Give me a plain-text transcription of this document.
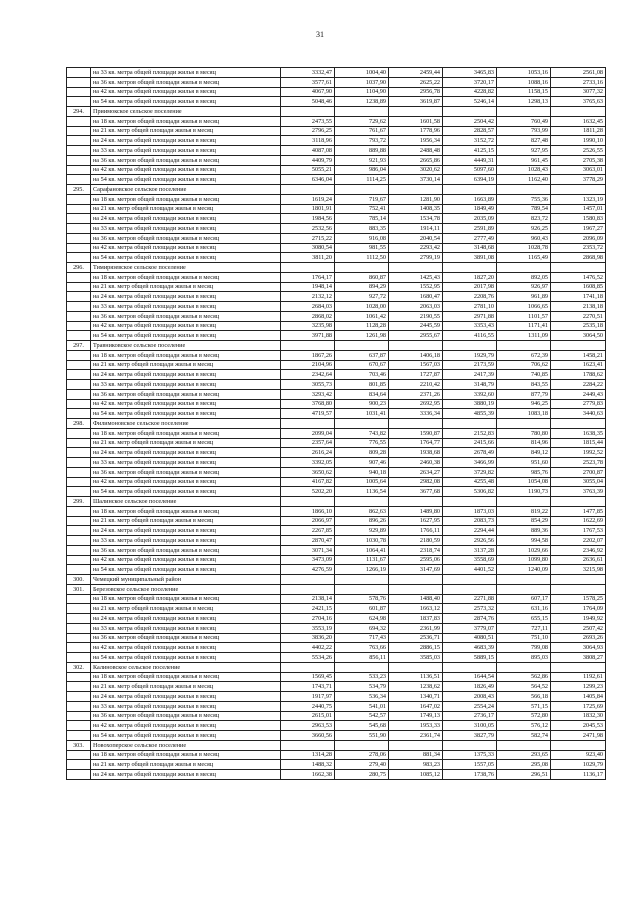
31
	на 33 кв. метра общей площади жилья в месяц	3332,47	1004,40	2459,44	3465,83	1053,16	2561,08
	на 36 кв. метров общей площади жилья в месяц	3577,61	1037,90	2625,22	3720,17	1088,16	2733,16
	на 42 кв. метра общей площади жилья в месяц	4067,90	1104,90	2956,78	4228,82	1158,15	3077,32
	на 54 кв. метра общей площади жилья в месяц	5048,46	1238,89	3619,87	5246,14	1298,13	3765,63
294.	Приимокское сельское поселение						
	на 18 кв. метров общей площади жилья в месяц	2473,55	729,62	1601,58	2504,42	760,49	1632,45
	на 21 кв. метр общей площади жилья в месяц	2796,25	761,67	1778,96	2828,57	793,99	1811,28
	на 24 кв. метра общей площади жилья в месяц	3118,96	793,72	1956,34	3152,72	827,48	1990,10
	на 33 кв. метра общей площади жилья в месяц	4087,08	889,88	2488,48	4125,15	927,95	2526,55
	на 36 кв. метров общей площади жилья в месяц	4409,79	921,93	2665,86	4449,31	961,45	2705,38
	на 42 кв. метра общей площади жилья в месяц	5055,21	986,04	3020,62	5097,60	1028,43	3063,01
	на 54 кв. метра общей площади жилья в месяц	6346,04	1114,25	3730,14	6394,19	1162,40	3778,29
295.	Сарафановское сельское поселение						
	на 18 кв. метров общей площади жилья в месяц	1619,24	719,67	1281,90	1663,89	755,36	1323,19
	на 21 кв. метр общей площади жилья в месяц	1801,91	752,41	1408,35	1849,49	789,54	1457,01
	на 24 кв. метра общей площади жилья в месяц	1984,56	785,14	1534,78	2035,09	823,72	1580,83
	на 33 кв. метра общей площади жилья в месяц	2532,56	883,35	1914,11	2591,89	926,25	1967,27
	на 36 кв. метров общей площади жилья в месяц	2715,22	916,08	2040,54	2777,49	960,43	2096,09
	на 42 кв. метра общей площади жилья в месяц	3080,54	981,55	2293,42	3148,68	1028,78	2353,72
	на 54 кв. метра общей площади жилья в месяц	3811,20	1112,50	2799,19	3891,08	1165,49	2868,98
296.	Тимирязевское сельское поселение						
	на 18 кв. метров общей площади жилья в месяц	1764,17	860,87	1425,43	1827,20	892,05	1476,52
	на 21 кв. метр общей площади жилья в месяц	1948,14	894,29	1552,95	2017,98	926,97	1608,85
	на 24 кв. метра общей площади жилья в месяц	2132,12	927,72	1680,47	2208,76	961,89	1741,18
	на 33 кв. метра общей площади жилья в месяц	2684,03	1028,00	2063,03	2781,10	1066,65	2138,18
	на 36 кв. метров общей площади жилья в месяц	2868,02	1061,42	2190,55	2971,88	1101,57	2270,51
	на 42 кв. метра общей площади жилья в месяц	3235,98	1128,28	2445,59	3353,43	1171,41	2535,18
	на 54 кв. метра общей площади жилья в месяц	3971,88	1261,98	2955,67	4116,55	1311,09	3064,50
297.	Травниковское сельское поселение						
	на 18 кв. метров общей площади жилья в месяц	1867,26	637,87	1406,18	1929,79	672,39	1458,21
	на 21 кв. метр общей площади жилья в месяц	2104,96	670,67	1567,03	2173,59	706,62	1623,41
	на 24 кв. метра общей площади жилья в месяц	2342,64	703,46	1727,87	2417,39	740,85	1788,62
	на 33 кв. метра общей площади жилья в месяц	3055,73	801,85	2210,42	3148,79	843,55	2284,22
	на 36 кв. метров общей площади жилья в месяц	3293,42	834,64	2371,26	3392,60	877,79	2449,43
	на 42 кв. метра общей площади жилья в месяц	3768,80	900,23	2692,95	3880,19	946,25	2779,83
	на 54 кв. метра общей площади жилья в месяц	4719,57	1031,41	3336,34	4855,39	1083,18	3440,63
298.	Филимоновское сельское поселение						
	на 18 кв. метров общей площади жилья в месяц	2099,04	743,82	1590,87	2152,83	780,80	1638,35
	на 21 кв. метр общей площади жилья в месяц	2357,64	776,55	1764,77	2415,66	814,96	1815,44
	на 24 кв. метра общей площади жилья в месяц	2616,24	809,28	1938,68	2678,49	849,12	1992,52
	на 33 кв. метра общей площади жилья в месяц	3392,05	907,46	2460,38	3466,99	951,60	2523,78
	на 36 кв. метров общей площади жилья в месяц	3650,62	940,18	2634,27	3729,82	985,76	2700,87
	на 42 кв. метра общей площади жилья в месяц	4167,82	1005,64	2982,08	4255,48	1054,08	3055,04
	на 54 кв. метра общей площади жилья в месяц	5202,20	1136,54	3677,68	5306,82	1190,73	3763,39
299.	Шалинское сельское поселение						
	на 18 кв. метров общей площади жилья в месяц	1866,10	862,63	1489,80	1873,03	819,22	1477,85
	на 21 кв. метр общей площади жилья в месяц	2066,97	896,26	1627,95	2083,73	854,29	1622,69
	на 24 кв. метра общей площади жилья в месяц	2267,85	929,89	1766,11	2294,44	889,36	1767,53
	на 33 кв. метра общей площади жилья в месяц	2870,47	1030,78	2180,59	2926,56	994,58	2202,07
	на 36 кв. метров общей площади жилья в месяц	3071,34	1064,41	2318,74	3137,28	1029,66	2346,92
	на 42 кв. метра общей площади жилья в месяц	3473,09	1131,67	2595,06	3558,69	1099,80	2636,61
	на 54 кв. метра общей площади жилья в месяц	4276,59	1266,19	3147,69	4401,52	1240,09	3215,98
300.	Чемецкий муниципальный район						
301.	Березовское сельское поселение						
	на 18 кв. метров общей площади жилья в месяц	2138,14	578,76	1488,40	2271,88	607,17	1578,25
	на 21 кв. метр общей площади жилья в месяц	2421,15	601,87	1663,12	2573,32	631,16	1764,09
	на 24 кв. метра общей площади жилья в месяц	2704,16	624,98	1837,83	2874,76	655,15	1949,92
	на 33 кв. метра общей площади жилья в месяц	3553,19	694,32	2361,99	3779,07	727,11	2507,42
	на 36 кв. метров общей площади жилья в месяц	3836,20	717,43	2536,71	4080,51	751,10	2693,26
	на 42 кв. метра общей площади жилья в месяц	4402,22	763,66	2886,15	4683,39	799,08	3064,93
	на 54 кв. метра общей площади жилья в месяц	5534,26	856,11	3585,03	5889,15	895,03	3808,27
302.	Калиновское сельское поселение						
	на 18 кв. метров общей площади жилья в месяц	1569,45	533,23	1136,51	1644,54	562,86	1192,61
	на 21 кв. метр общей площади жилья в месяц	1743,71	534,79	1238,62	1826,49	564,52	1299,23
	на 24 кв. метра общей площади жилья в месяц	1917,97	536,34	1340,71	2008,43	566,18	1405,84
	на 33 кв. метра общей площади жилья в месяц	2440,75	541,01	1647,02	2554,24	571,15	1725,69
	на 36 кв. метров общей площади жилья в месяц	2615,01	542,57	1749,13	2736,17	572,80	1832,30
	на 42 кв. метра общей площади жилья в месяц	2963,53	545,68	1953,33	3100,05	576,12	2045,53
	на 54 кв. метра общей площади жилья в месяц	3660,56	551,90	2361,74	3827,79	582,74	2471,98
303.	Новохоперское сельское поселение						
	на 18 кв. метров общей площади жилья в месяц	1314,28	278,06	881,34	1375,33	293,65	923,40
	на 21 кв. метр общей площади жилья в месяц	1488,32	279,40	983,23	1557,05	295,08	1029,79
	на 24 кв. метра общей площади жилья в месяц	1662,38	280,75	1085,12	1738,76	296,51	1136,17
